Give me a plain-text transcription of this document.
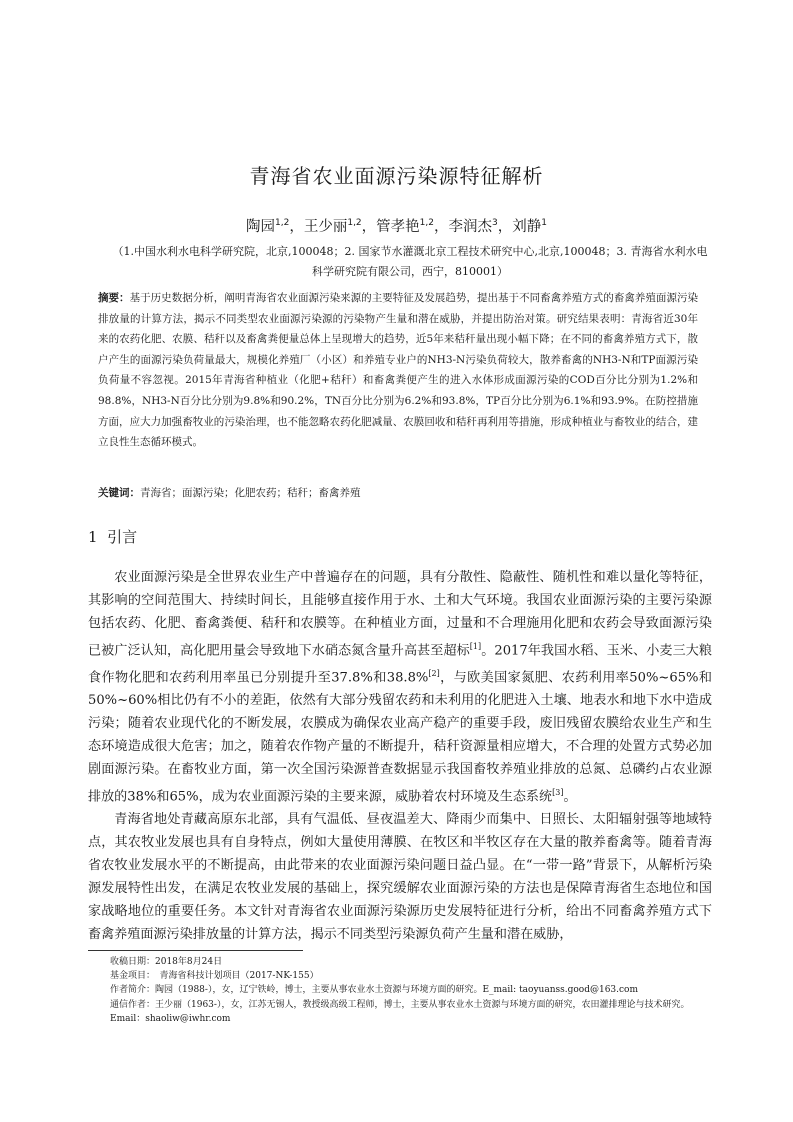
青海省农业面源污染源特征解析
陶园$^{1,2}$，王少丽$^{1,2}$，管孝艳$^{1,2}$，李润杰$^3$，刘静$^1$
（1.中国水利水电科学研究院，北京,100048；2. 国家节水灌溉北京工程技术研究中心,北京,100048；3. 青海省水利水电科学研究院有限公司，西宁，810001）
摘要：基于历史数据分析，阐明青海省农业面源污染来源的主要特征及发展趋势，提出基于不同畜禽养殖方式的畜禽养殖面源污染排放量的计算方法，揭示不同类型农业面源污染源的污染物产生量和潜在威胁，并提出防治对策。研究结果表明：青海省近30年来的农药化肥、农膜、秸秆以及畜禽粪便量总体上呈现增大的趋势，近5年来秸秆量出现小幅下降；在不同的畜禽养殖方式下，散户产生的面源污染负荷量最大，规模化养殖厂（小区）和养殖专业户的NH3-N污染负荷较大，散养畜禽的NH3-N和TP面源污染负荷量不容忽视。2015年青海省种植业（化肥+秸秆）和畜禽粪便产生的进入水体形成面源污染的COD百分比分别为1.2%和98.8%，NH3-N百分比分别为9.8%和90.2%，TN百分比分别为6.2%和93.8%，TP百分比分别为6.1%和93.9%。在防控措施方面，应大力加强畜牧业的污染治理，也不能忽略农药化肥减量、农膜回收和秸秆再利用等措施，形成种植业与畜牧业的结合，建立良性生态循环模式。
关键词：青海省；面源污染；化肥农药；秸秆；畜禽养殖
1 引言

农业面源污染是全世界农业生产中普遍存在的问题，具有分散性、隐蔽性、随机性和难以量化等特征，其影响的空间范围大、持续时间长，且能够直接作用于水、土和大气环境。我国农业面源污染的主要污染源包括农药、化肥、畜禽粪便、秸秆和农膜等。在种植业方面，过量和不合理施用化肥和农药会导致面源污染已被广泛认知，高化肥用量会导致地下水硝态氮含量升高甚至超标[1]。2017年我国水稻、玉米、小麦三大粮食作物化肥和农药利用率虽已分别提升至37.8%和38.8%[2]，与欧美国家氮肥、农药利用率50%~65%和50%~60%相比仍有不小的差距，依然有大部分残留农药和未利用的化肥进入土壤、地表水和地下水中造成污染；随着农业现代化的不断发展，农膜成为确保农业高产稳产的重要手段，废旧残留农膜给农业生产和生态环境造成很大危害；加之，随着农作物产量的不断提升，秸秆资源量相应增大，不合理的处置方式势必加剧面源污染。在畜牧业方面，第一次全国污染源普查数据显示我国畜牧养殖业排放的总氮、总磷约占农业源排放的38%和65%，成为农业面源污染的主要来源，威胁着农村环境及生态系统[3]。

青海省地处青藏高原东北部，具有气温低、昼夜温差大、降雨少而集中、日照长、太阳辐射强等地域特点，其农牧业发展也具有自身特点，例如大量使用薄膜、在牧区和半牧区存在大量的散养畜禽等。随着青海省农牧业发展水平的不断提高，由此带来的农业面源污染问题日益凸显。在“一带一路”背景下，从解析污染源发展特性出发，在满足农牧业发展的基础上，探究缓解农业面源污染的方法也是保障青海省生态地位和国家战略地位的重要任务。本文针对青海省农业面源污染源历史发展特征进行分析，给出不同畜禽养殖方式下畜禽养殖面源污染排放量的计算方法，揭示不同类型污染源负荷产生量和潜在威胁，

收稿日期：2018年8月24日
基金项目：　青海省科技计划项目（2017-NK-155）
作者简介：陶园（1988-），女，辽宁铁岭，博士，主要从事农业水土资源与环境方面的研究。E_mail: taoyuanss.good@163.com
通信作者：王少丽（1963-），女，江苏无锡人，教授级高级工程师，博士，主要从事农业水土资源与环境方面的研究，农田灌排理论与技术研究。Email：shaoliw@iwhr.com
